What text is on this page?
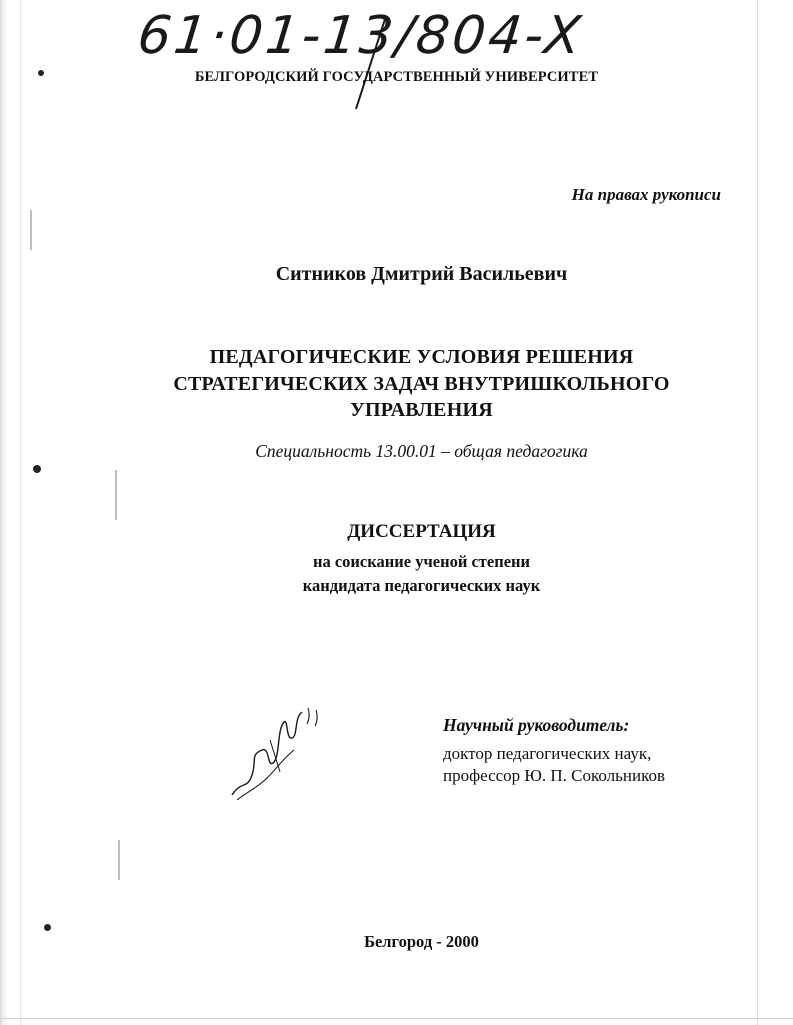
61·01-13/804-X
БЕЛГОРОДСКИЙ ГОСУДАРСТВЕННЫЙ УНИВЕРСИТЕТ
На правах рукописи
Ситников Дмитрий Васильевич
ПЕДАГОГИЧЕСКИЕ УСЛОВИЯ РЕШЕНИЯ
СТРАТЕГИЧЕСКИХ ЗАДАЧ ВНУТРИШКОЛЬНОГО
УПРАВЛЕНИЯ
Специальность 13.00.01 – общая педагогика
ДИССЕРТАЦИЯ
на соискание ученой степени
кандидата педагогических наук
Научный руководитель:
доктор педагогических наук,
профессор Ю. П. Сокольников
Белгород - 2000
